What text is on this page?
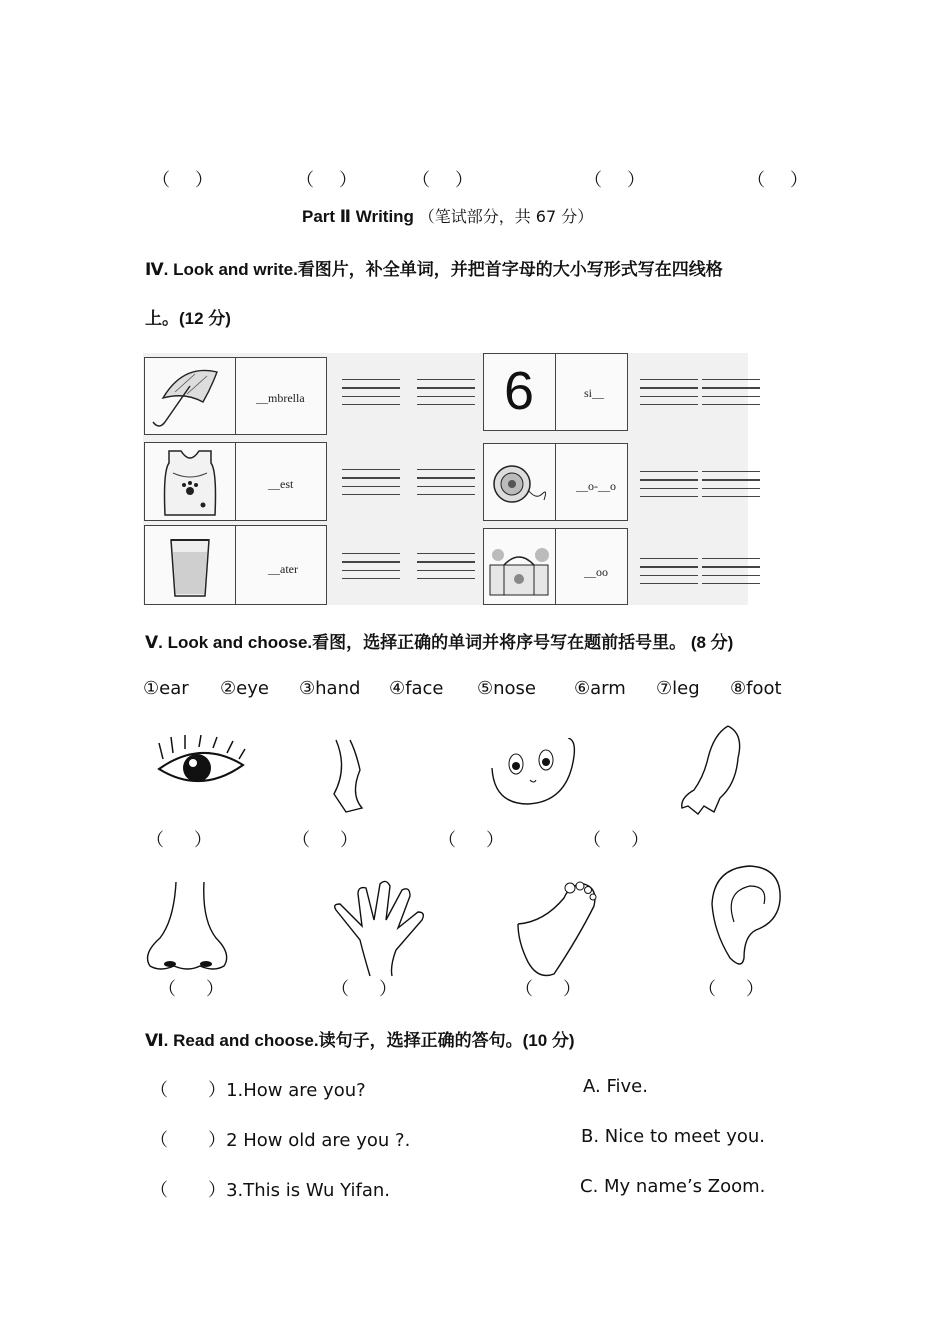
（     ）	（     ）	（     ）	（     ）	（     ）
Part Ⅱ Writing （笔试部分，共 67 分）
Ⅳ. Look and write.看图片，补全单词，并把首字母的大小写形式写在四线格
上。(12 分)
__mbrella	6	si__
__est	__o-__o
__ater	__oo
Ⅴ. Look and choose.看图，选择正确的单词并将序号写在题前括号里。 (8 分)
①ear ②eye ③hand ④face ⑤nose ⑥arm ⑦leg ⑧foot
（      ）	（      ）	（      ）	（      ）
（      ）	（      ）	（      ）	（      ）
Ⅵ. Read and choose.读句子，选择正确的答句。(10 分)
（       ）1.How are you?	A. Five.
（       ）2 How old are you ?.	B. Nice to meet you.
（       ）3.This is Wu Yifan.	C. My name’s Zoom.
